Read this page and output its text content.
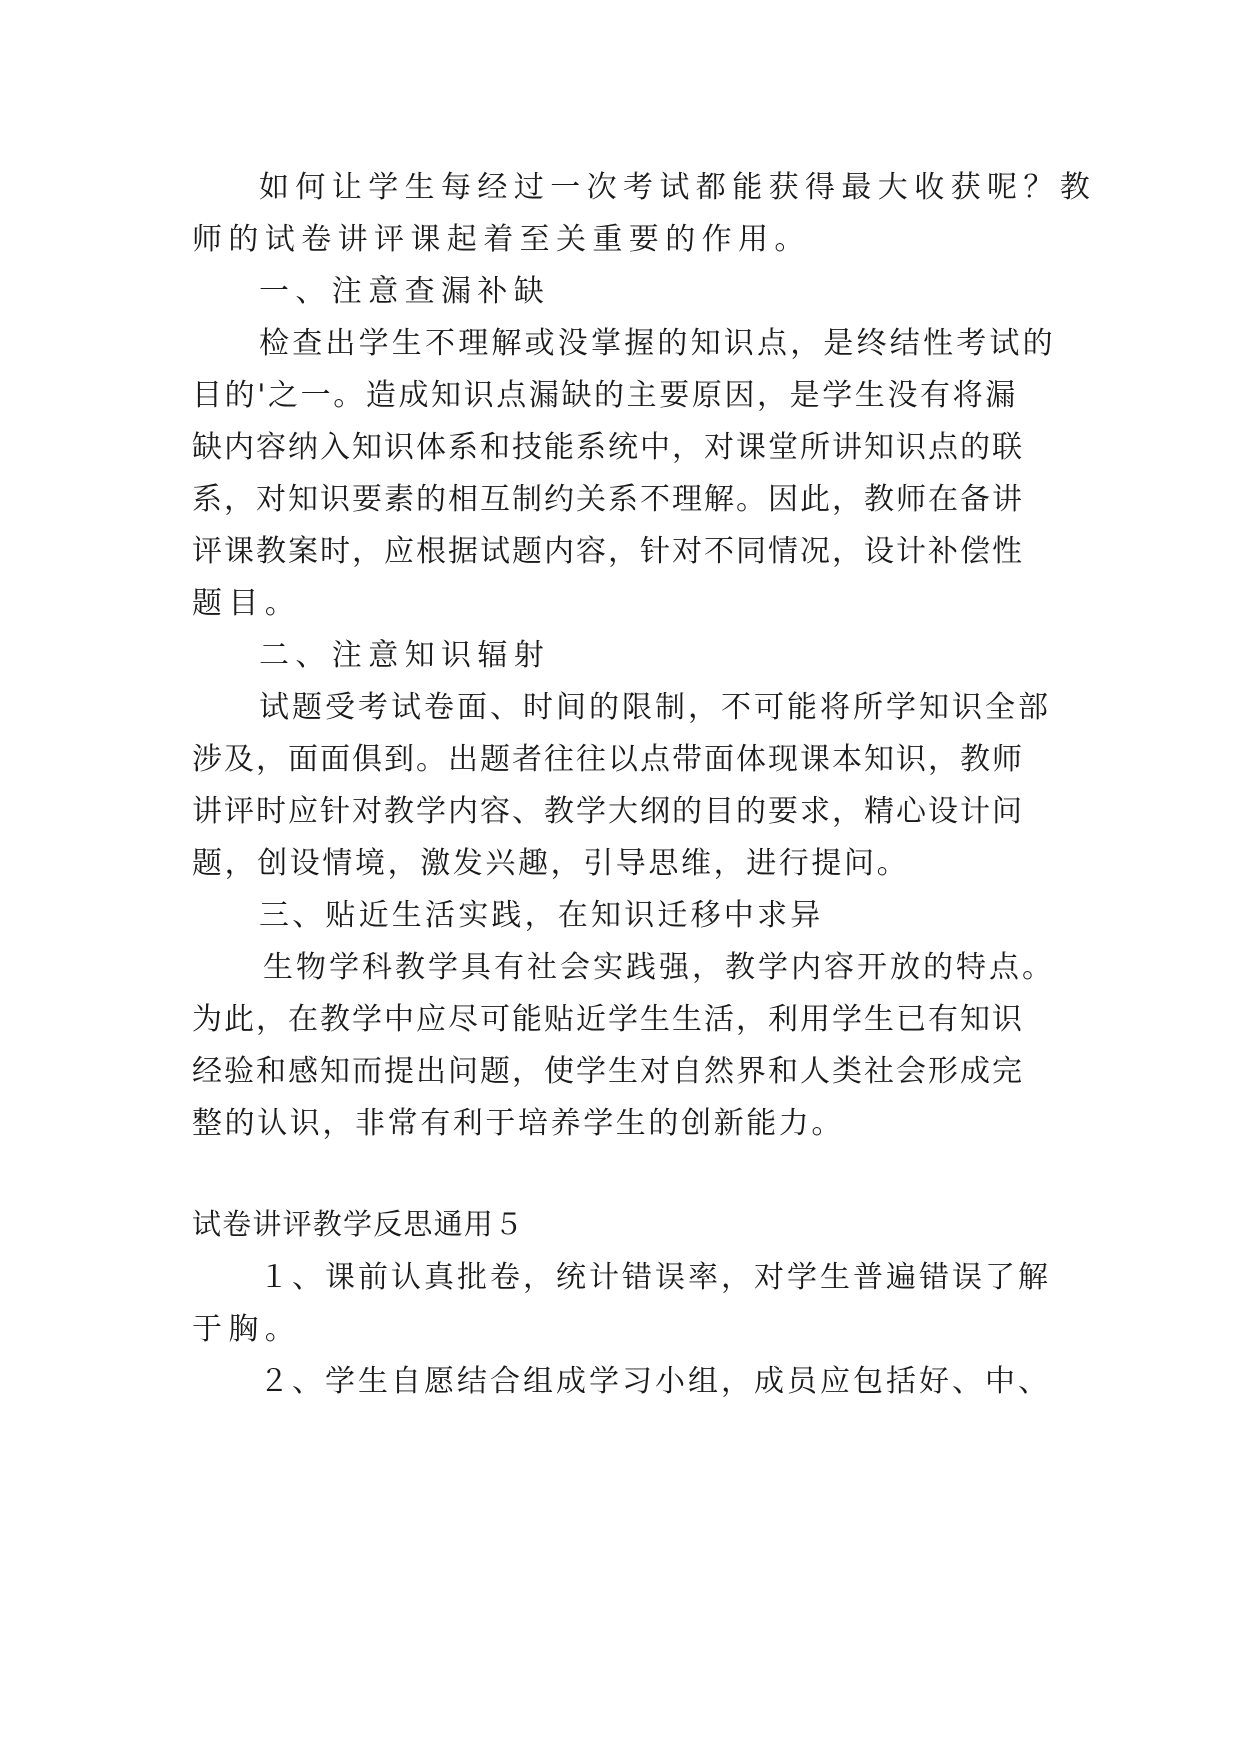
如何让学生每经过一次考试都能获得最大收获呢？教
师的试卷讲评课起着至关重要的作用。
一、注意查漏补缺
检查出学生不理解或没掌握的知识点，是终结性考试的
目的'之一。造成知识点漏缺的主要原因，是学生没有将漏
缺内容纳入知识体系和技能系统中，对课堂所讲知识点的联
系，对知识要素的相互制约关系不理解。因此，教师在备讲
评课教案时，应根据试题内容，针对不同情况，设计补偿性
题目。
二、注意知识辐射
试题受考试卷面、时间的限制，不可能将所学知识全部
涉及，面面俱到。出题者往往以点带面体现课本知识，教师
讲评时应针对教学内容、教学大纲的目的要求，精心设计问
题，创设情境，激发兴趣，引导思维，进行提问。
三、贴近生活实践，在知识迁移中求异
生物学科教学具有社会实践强，教学内容开放的特点。
为此，在教学中应尽可能贴近学生生活，利用学生已有知识
经验和感知而提出问题，使学生对自然界和人类社会形成完
整的认识，非常有利于培养学生的创新能力。
试卷讲评教学反思通用５
１、课前认真批卷，统计错误率，对学生普遍错误了解
于胸。
２、学生自愿结合组成学习小组，成员应包括好、中、
